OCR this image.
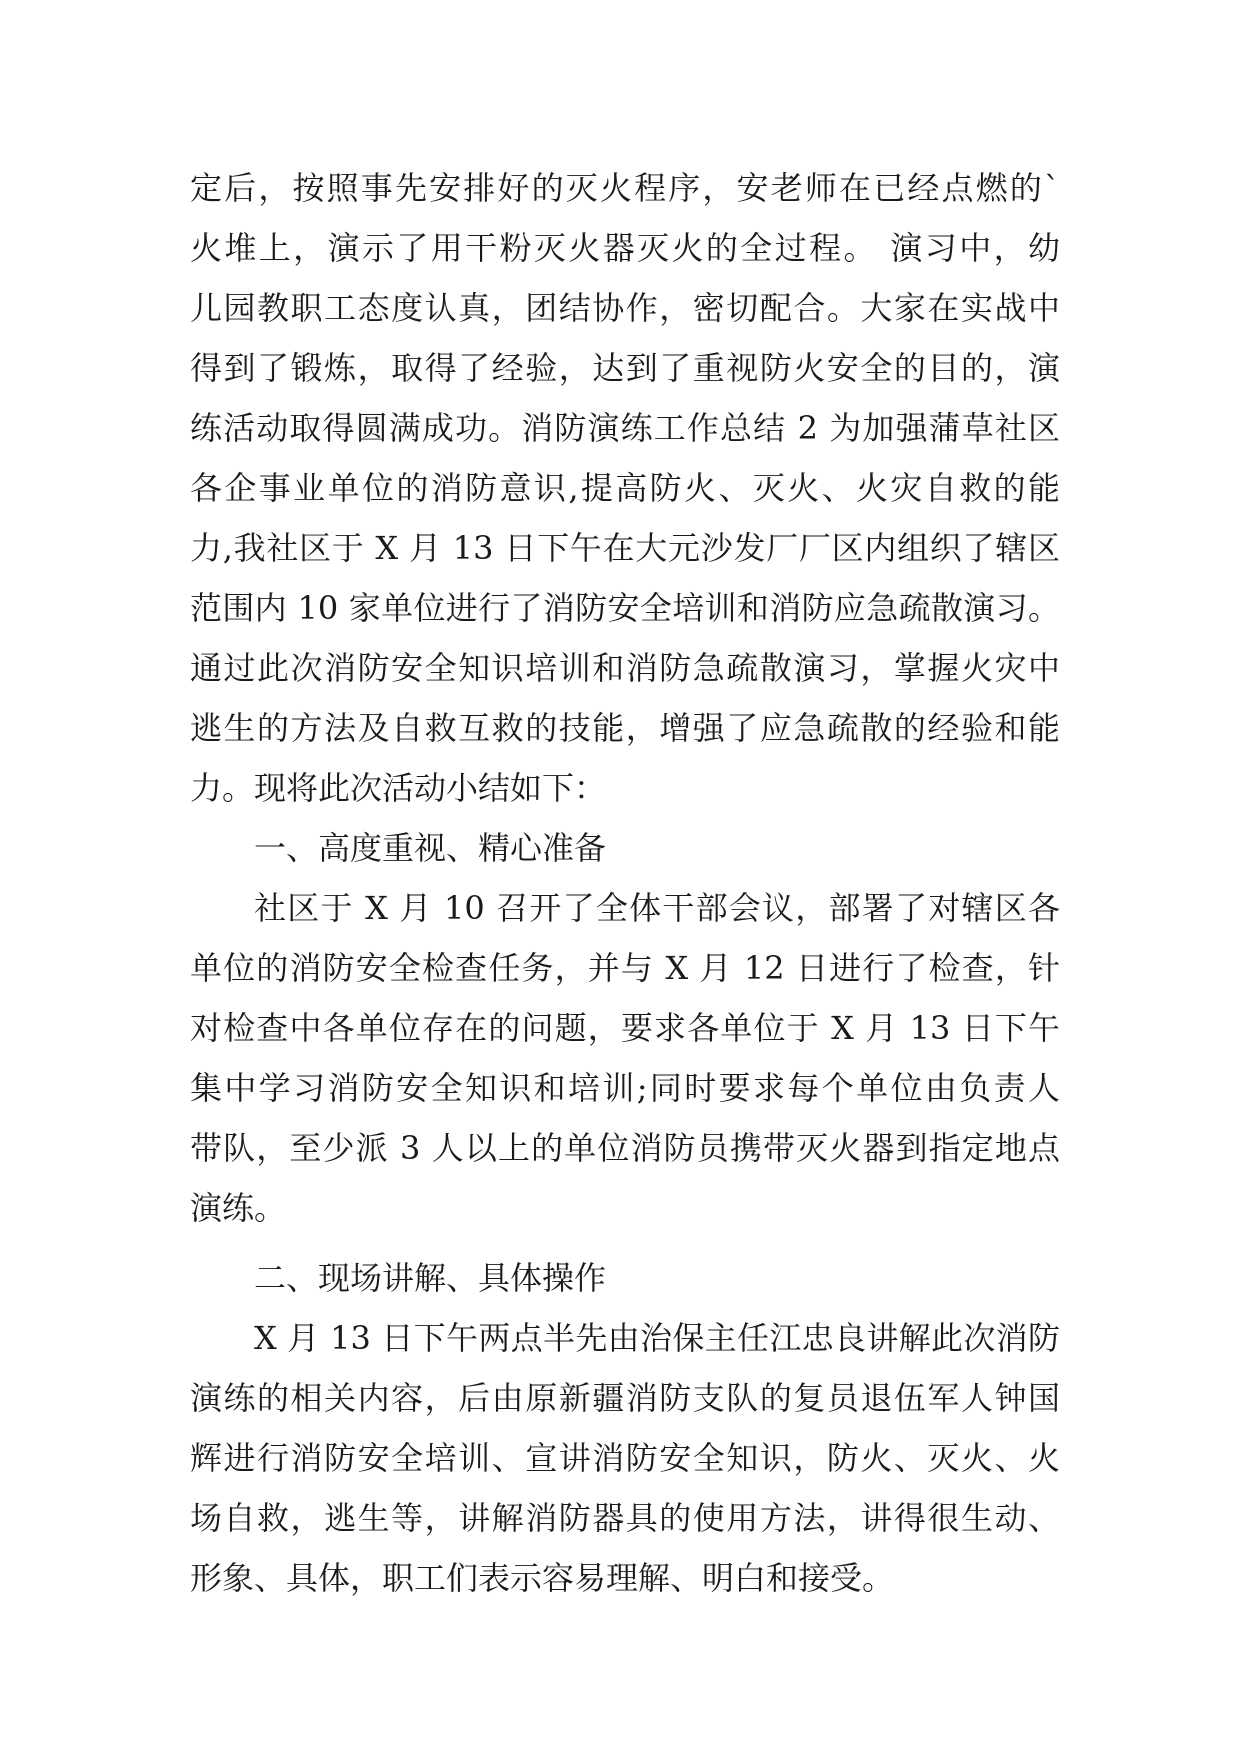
定后，按照事先安排好的灭火程序，安老师在已经点燃的`
火堆上，演示了用干粉灭火器灭火的全过程。 演习中，幼
儿园教职工态度认真，团结协作，密切配合。大家在实战中
得到了锻炼，取得了经验，达到了重视防火安全的目的，演
练活动取得圆满成功。消防演练工作总结 2 为加强蒲草社区
各企事业单位的消防意识,提高防火、灭火、火灾自救的能
力,我社区于 X 月 13 日下午在大元沙发厂厂区内组织了辖区
范围内 10 家单位进行了消防安全培训和消防应急疏散演习。
通过此次消防安全知识培训和消防急疏散演习，掌握火灾中
逃生的方法及自救互救的技能，增强了应急疏散的经验和能
力。现将此次活动小结如下：
一、高度重视、精心准备
社区于 X 月 10 召开了全体干部会议，部署了对辖区各
单位的消防安全检查任务，并与 X 月 12 日进行了检查，针
对检查中各单位存在的问题，要求各单位于 X 月 13 日下午
集中学习消防安全知识和培训;同时要求每个单位由负责人
带队，至少派 3 人以上的单位消防员携带灭火器到指定地点
演练。
二、现场讲解、具体操作
X 月 13 日下午两点半先由治保主任江忠良讲解此次消防
演练的相关内容，后由原新疆消防支队的复员退伍军人钟国
辉进行消防安全培训、宣讲消防安全知识，防火、灭火、火
场自救，逃生等，讲解消防器具的使用方法，讲得很生动、
形象、具体，职工们表示容易理解、明白和接受。
